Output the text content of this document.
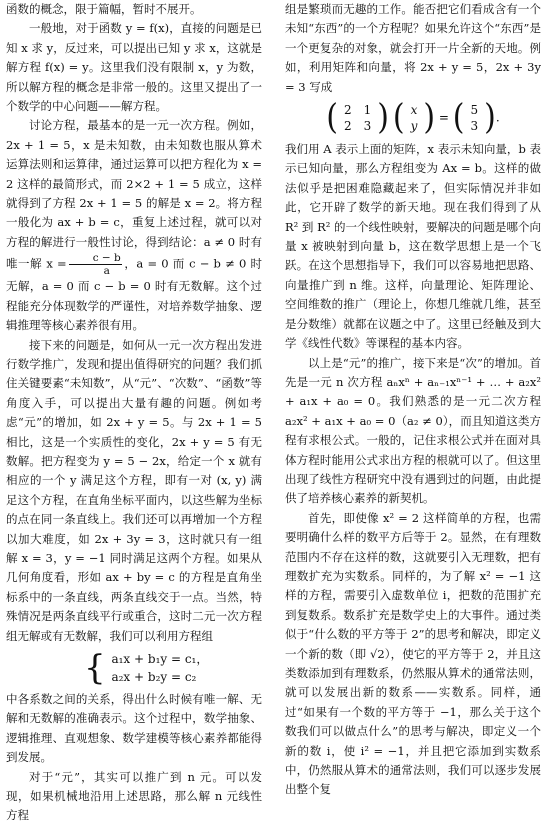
函数的概念，限于篇幅，暂时不展开。

一般地，对于函数 y = f(x)，直接的问题是已知 x 求 y，反过来，可以提出已知 y 求 x，这就是解方程 f(x) = y。这里我们没有限制 x，y 为数，所以解方程的概念是非常一般的。这里又提出了一个数学的中心问题——解方程。

讨论方程，最基本的是一元一次方程。例如，2x + 1 = 5，x 是未知数，由未知数也服从算术运算法则和运算律，通过运算可以把方程化为 x = 2 这样的最简形式，而 2×2 + 1 = 5 成立，这样就得到了方程 2x + 1 = 5 的解是 x = 2。将方程一般化为 ax + b = c，重复上述过程，就可以对方程的解进行一般性讨论，得到结论：a ≠ 0 时有唯一解 $x = \frac{c - b}{a}$ ，a = 0 而 c − b ≠ 0 时无解，a = 0 而 c − b = 0 时有无数解。这个过程能充分体现数学的严谨性，对培养数学抽象、逻辑推理等核心素养很有用。

接下来的问题是，如何从一元一次方程出发进行数学推广，发现和提出值得研究的问题？我们抓住关键要素“未知数”，从“元”、“次数”、“函数”等角度入手，可以提出大量有趣的问题。例如考虑“元”的增加，如 2x + y = 5。与 2x + 1 = 5 相比，这是一个实质性的变化，2x + y = 5 有无数解。把方程变为 y = 5 − 2x，给定一个 x 就有相应的一个 y 满足这个方程，即有一对 (x, y) 满足这个方程，在直角坐标平面内，以这些解为坐标的点在同一条直线上。我们还可以再增加一个方程以加大难度，如 2x + 3y = 3，这时就只有一组解 x = 3，y = −1 同时满足这两个方程。如果从几何角度看，形如 ax + by = c 的方程是直角坐标系中的一条直线，两条直线交于一点。当然，特殊情况是两条直线平行或重合，这时二元一次方程组无解或有无数解，我们可以利用方程组

{ a₁x + b₁y = c₁，
a₂x + b₂y = c₂

中各系数之间的关系，得出什么时候有唯一解、无解和无数解的准确表示。这个过程中，数学抽象、逻辑推理、直观想象、数学建模等核心素养都能得到发展。

对于“元”，其实可以推广到 n 元。可以发现，如果机械地沿用上述思路，那么解 n 元线性方程

组是繁琐而无趣的工作。能否把它们看成含有一个未知“东西”的一个方程呢？如果允许这个“东西”是一个更复杂的对象，就会打开一片全新的天地。例如，利用矩阵和向量，将 2x + y = 5，2x + 3y = 3 写成

( 2	1
2	3 ) ( x
y ) = ( 5
3 ).

我们用 A 表示上面的矩阵，x 表示未知向量，b 表示已知向量，那么方程组变为 Ax = b。这样的做法似乎是把困难隐藏起来了，但实际情况并非如此，它开辟了数学的新天地。现在我们得到了从 R² 到 R² 的一个线性映射，要解决的问题是哪个向量 x 被映射到向量 b，这在数学思想上是一个飞跃。在这个思想指导下，我们可以容易地把思路、向量推广到 n 维。这样，向量理论、矩阵理论、空间维数的推广（理论上，你想几维就几维，甚至是分数维）就都在议题之中了。这里已经触及到大学《线性代数》等课程的基本内容。

以上是“元”的推广，接下来是“次”的增加。首先是一元 n 次方程 aₙxⁿ + aₙ₋₁xⁿ⁻¹ + … + a₂x² + a₁x + a₀ = 0。我们熟悉的是一元二次方程 a₂x² + a₁x + a₀ = 0（a₂ ≠ 0），而且知道这类方程有求根公式。一般的，记住求根公式并在面对具体方程时能用公式求出方程的根就可以了。但这里出现了线性方程研究中没有遇到过的问题，由此提供了培养核心素养的新契机。

首先，即使像 x² = 2 这样简单的方程，也需要明确什么样的数平方后等于 2。显然，在有理数范围内不存在这样的数，这就要引入无理数，把有理数扩充为实数系。同样的，为了解 x² = −1 这样的方程，需要引入虚数单位 i，把数的范围扩充到复数系。数系扩充是数学史上的大事件。通过类似于“什么数的平方等于 2”的思考和解决，即定义一个新的数（即 √2），使它的平方等于 2，并且这类数添加到有理数系，仍然服从算术的通常法则，就可以发展出新的数系——实数系。同样，通过“如果有一个数的平方等于 −1，那么关于这个数我们可以做点什么”的思考与解决，即定义一个新的数 i，使 i² = −1，并且把它添加到实数系中，仍然服从算术的通常法则，我们可以逐步发展出整个复
